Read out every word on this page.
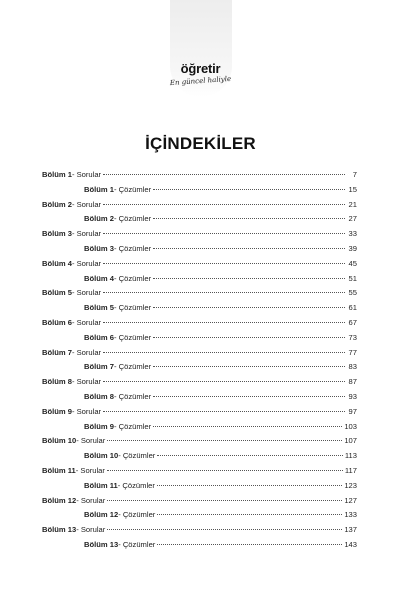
öğretir
En güncel haliyle
İÇİNDEKİLER
Bölüm 1 - Sorular	7
Bölüm 1 - Çözümler	15
Bölüm 2 - Sorular	21
Bölüm 2 - Çözümler	27
Bölüm 3 - Sorular	33
Bölüm 3 - Çözümler	39
Bölüm 4 - Sorular	45
Bölüm 4 - Çözümler	51
Bölüm 5 - Sorular	55
Bölüm 5 - Çözümler	61
Bölüm 6 - Sorular	67
Bölüm 6 - Çözümler	73
Bölüm 7 - Sorular	77
Bölüm 7 - Çözümler	83
Bölüm 8 - Sorular	87
Bölüm 8 - Çözümler	93
Bölüm 9 - Sorular	97
Bölüm 9 - Çözümler	103
Bölüm 10 - Sorular	107
Bölüm 10 - Çözümler	113
Bölüm 11 - Sorular	117
Bölüm 11 - Çözümler	123
Bölüm 12 - Sorular	127
Bölüm 12 - Çözümler	133
Bölüm 13 - Sorular	137
Bölüm 13 - Çözümler	143
